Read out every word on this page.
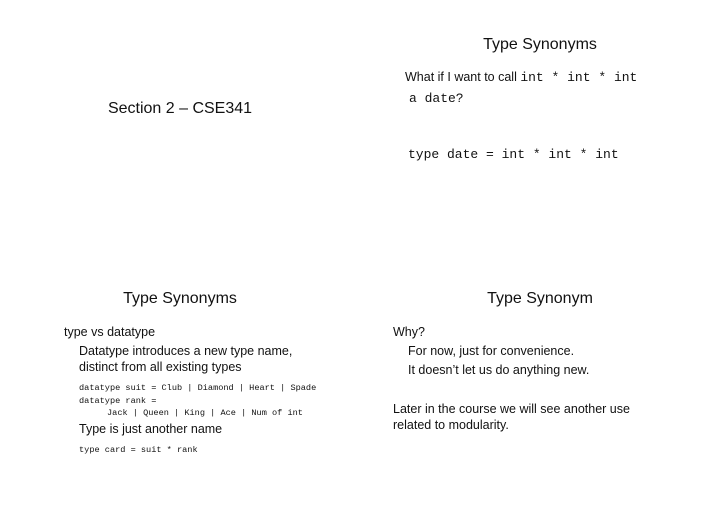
Section 2 – CSE341
Type Synonyms
What if I want to call int * int * int
a date?
type date = int * int * int
Type Synonyms
type vs datatype
Datatype introduces a new type name,
distinct from all existing types
datatype suit = Club | Diamond | Heart | Spade
datatype rank =
Jack | Queen | King | Ace | Num of int
Type is just another name
type card = suit * rank
Type Synonym
Why?
For now, just for convenience.
It doesn’t let us do anything new.
Later in the course we will see another use
related to modularity.
